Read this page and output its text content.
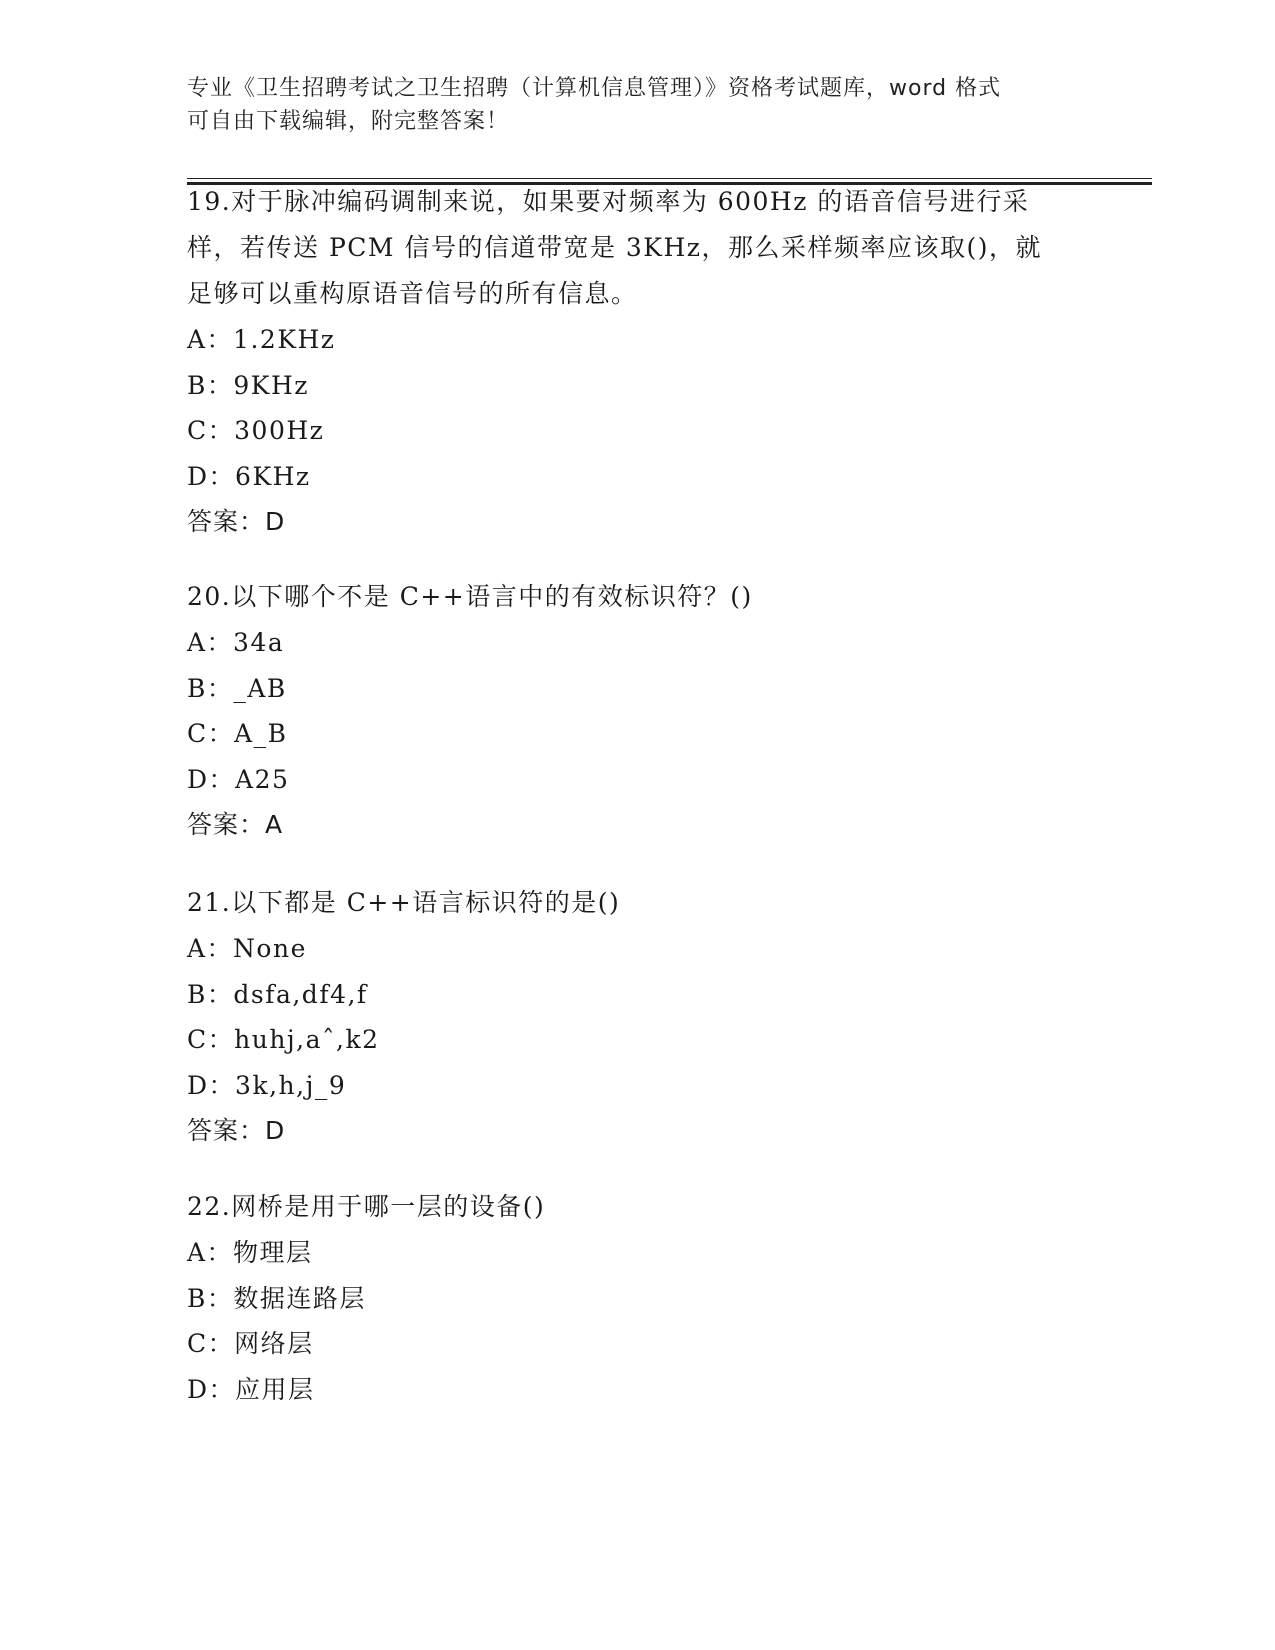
专业《卫生招聘考试之卫生招聘（计算机信息管理）》资格考试题库，word 格式
可自由下载编辑，附完整答案！
19.对于脉冲编码调制来说，如果要对频率为 600Hz 的语音信号进行采
样，若传送 PCM 信号的信道带宽是 3KHz，那么采样频率应该取()，就
足够可以重构原语音信号的所有信息。
A：1.2KHz
B：9KHz
C：300Hz
D：6KHz
答案：D
20.以下哪个不是 C++语言中的有效标识符？()
A：34a
B：_AB
C：A_B
D：A25
答案：A
21.以下都是 C++语言标识符的是()
A：None
B：dsfa,df4,f
C：huhj,aˆ,k2
D：3k,h,j_9
答案：D
22.网桥是用于哪一层的设备()
A：物理层
B：数据连路层
C：网络层
D：应用层
